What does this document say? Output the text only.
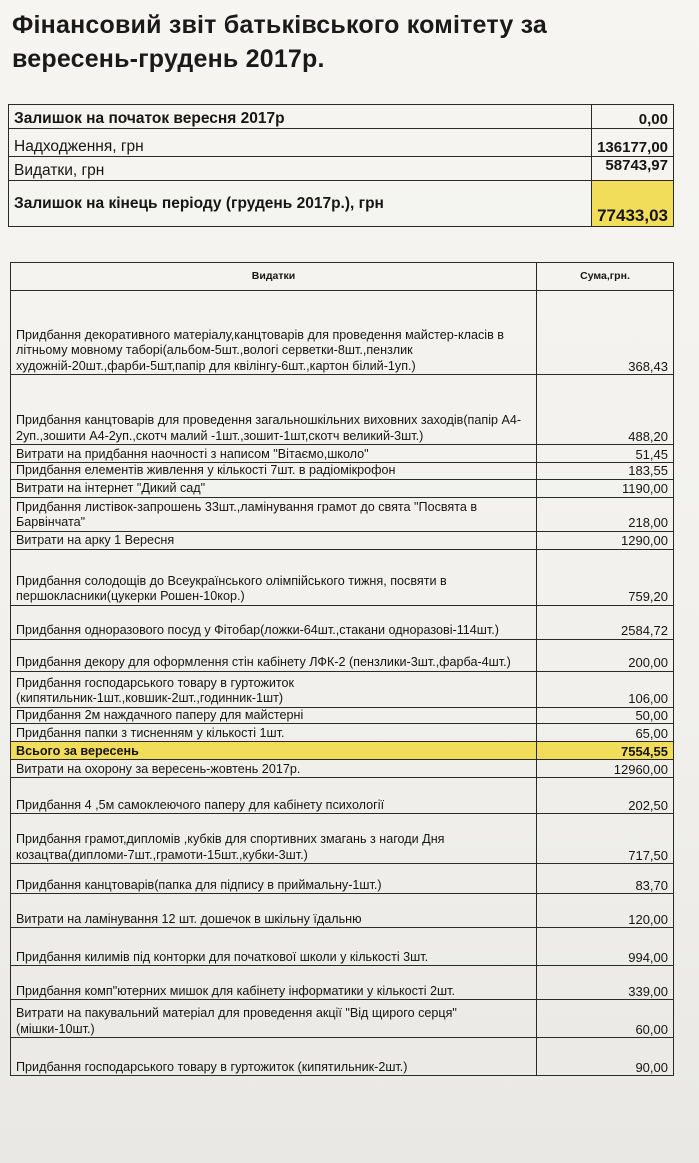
Фінансовий звіт батьківського комітету за вересень-грудень 2017р.
Залишок на початок вересня 2017р	0,00
Надходження, грн	136177,00
Видатки, грн	58743,97
Залишок на кінець періоду (грудень 2017р.), грн	77433,03
Видатки	Сума,грн.
Придбання декоративного матеріалу,канцтоварів для проведення майстер-класів в літньому мовному таборі(альбом-5шт.,вологі серветки-8шт.,пензлик художній-20шт.,фарби-5шт,папір для квілінгу-6шт.,картон білий-1уп.)	368,43
Придбання канцтоварів для проведення загальношкільних виховних заходів(папір А4-2уп.,зошити А4-2уп.,скотч малий -1шт.,зошит-1шт,скотч великий-3шт.)	488,20
Витрати на придбання наочності з написом "Вітаємо,школо"	51,45
Придбання елементів живлення у кількості 7шт. в радіомікрофон	183,55
Витрати на інтернет "Дикий сад"	1190,00
Придбання листівок-запрошень 33шт.,ламінування грамот до свята "Посвята в Барвінчата"	218,00
Витрати на арку 1 Вересня	1290,00
Придбання солодощів до Всеукраїнського олімпійського тижня, посвяти в першокласники(цукерки Рошен-10кор.)	759,20
Придбання одноразового посуд у Фітобар(ложки-64шт.,стакани одноразові-114шт.)	2584,72
Придбання декору для оформлення стін кабінету ЛФК-2 (пензлики-3шт.,фарба-4шт.)	200,00
Придбання господарського товару в гуртожиток (кипятильник-1шт.,ковшик-2шт.,годинник-1шт)	106,00
Придбання 2м наждачного паперу для майстерні	50,00
Придбання папки з тисненням у кількості 1шт.	65,00
Всього за вересень	7554,55
Витрати на охорону за вересень-жовтень 2017р.	12960,00
Придбання 4 ,5м самоклеючого паперу для кабінету психології	202,50
Придбання грамот,дипломів ,кубків для спортивних змагань з нагоди Дня козацтва(дипломи-7шт.,грамоти-15шт.,кубки-3шт.)	717,50
Придбання канцтоварів(папка для підпису в приймальну-1шт.)	83,70
Витрати на ламінування 12 шт. дошечок в шкільну їдальню	120,00
Придбання килимів під конторки для початкової школи у кількості 3шт.	994,00
Придбання комп"ютерних мишок для кабінету інформатики у кількості 2шт.	339,00
Витрати на пакувальний матеріал для проведення акції "Від щирого серця"(мішки-10шт.)	60,00
Придбання господарського товару в гуртожиток (кипятильник-2шт.)	90,00
